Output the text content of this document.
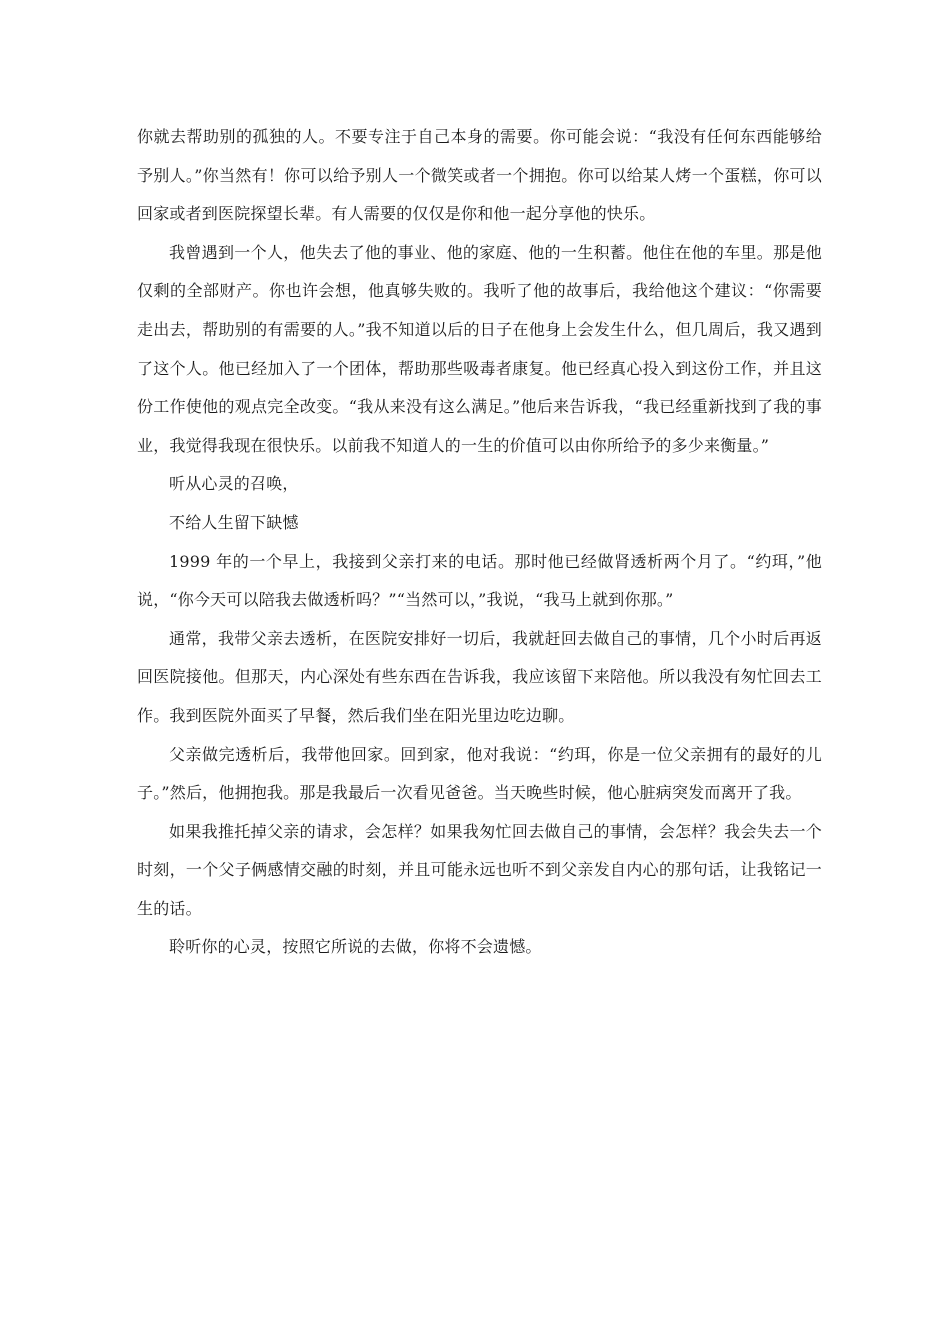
你就去帮助别的孤独的人。不要专注于自己本身的需要。你可能会说：“我没有任何东西能够给予别人。”你当然有！你可以给予别人一个微笑或者一个拥抱。你可以给某人烤一个蛋糕，你可以回家或者到医院探望长辈。有人需要的仅仅是你和他一起分享他的快乐。

我曾遇到一个人，他失去了他的事业、他的家庭、他的一生积蓄。他住在他的车里。那是他仅剩的全部财产。你也许会想，他真够失败的。我听了他的故事后，我给他这个建议：“你需要走出去，帮助别的有需要的人。”我不知道以后的日子在他身上会发生什么，但几周后，我又遇到了这个人。他已经加入了一个团体，帮助那些吸毒者康复。他已经真心投入到这份工作，并且这份工作使他的观点完全改变。“我从来没有这么满足。”他后来告诉我，“我已经重新找到了我的事业，我觉得我现在很快乐。以前我不知道人的一生的价值可以由你所给予的多少来衡量。”

听从心灵的召唤，

不给人生留下缺憾

1999 年的一个早上，我接到父亲打来的电话。那时他已经做肾透析两个月了。“约珥，”他说，“你今天可以陪我去做透析吗？”“当然可以，”我说，“我马上就到你那。”

通常，我带父亲去透析，在医院安排好一切后，我就赶回去做自己的事情，几个小时后再返回医院接他。但那天，内心深处有些东西在告诉我，我应该留下来陪他。所以我没有匆忙回去工作。我到医院外面买了早餐，然后我们坐在阳光里边吃边聊。

父亲做完透析后，我带他回家。回到家，他对我说：“约珥，你是一位父亲拥有的最好的儿子。”然后，他拥抱我。那是我最后一次看见爸爸。当天晚些时候，他心脏病突发而离开了我。

如果我推托掉父亲的请求，会怎样？如果我匆忙回去做自己的事情，会怎样？我会失去一个时刻，一个父子俩感情交融的时刻，并且可能永远也听不到父亲发自内心的那句话，让我铭记一生的话。

聆听你的心灵，按照它所说的去做，你将不会遗憾。
